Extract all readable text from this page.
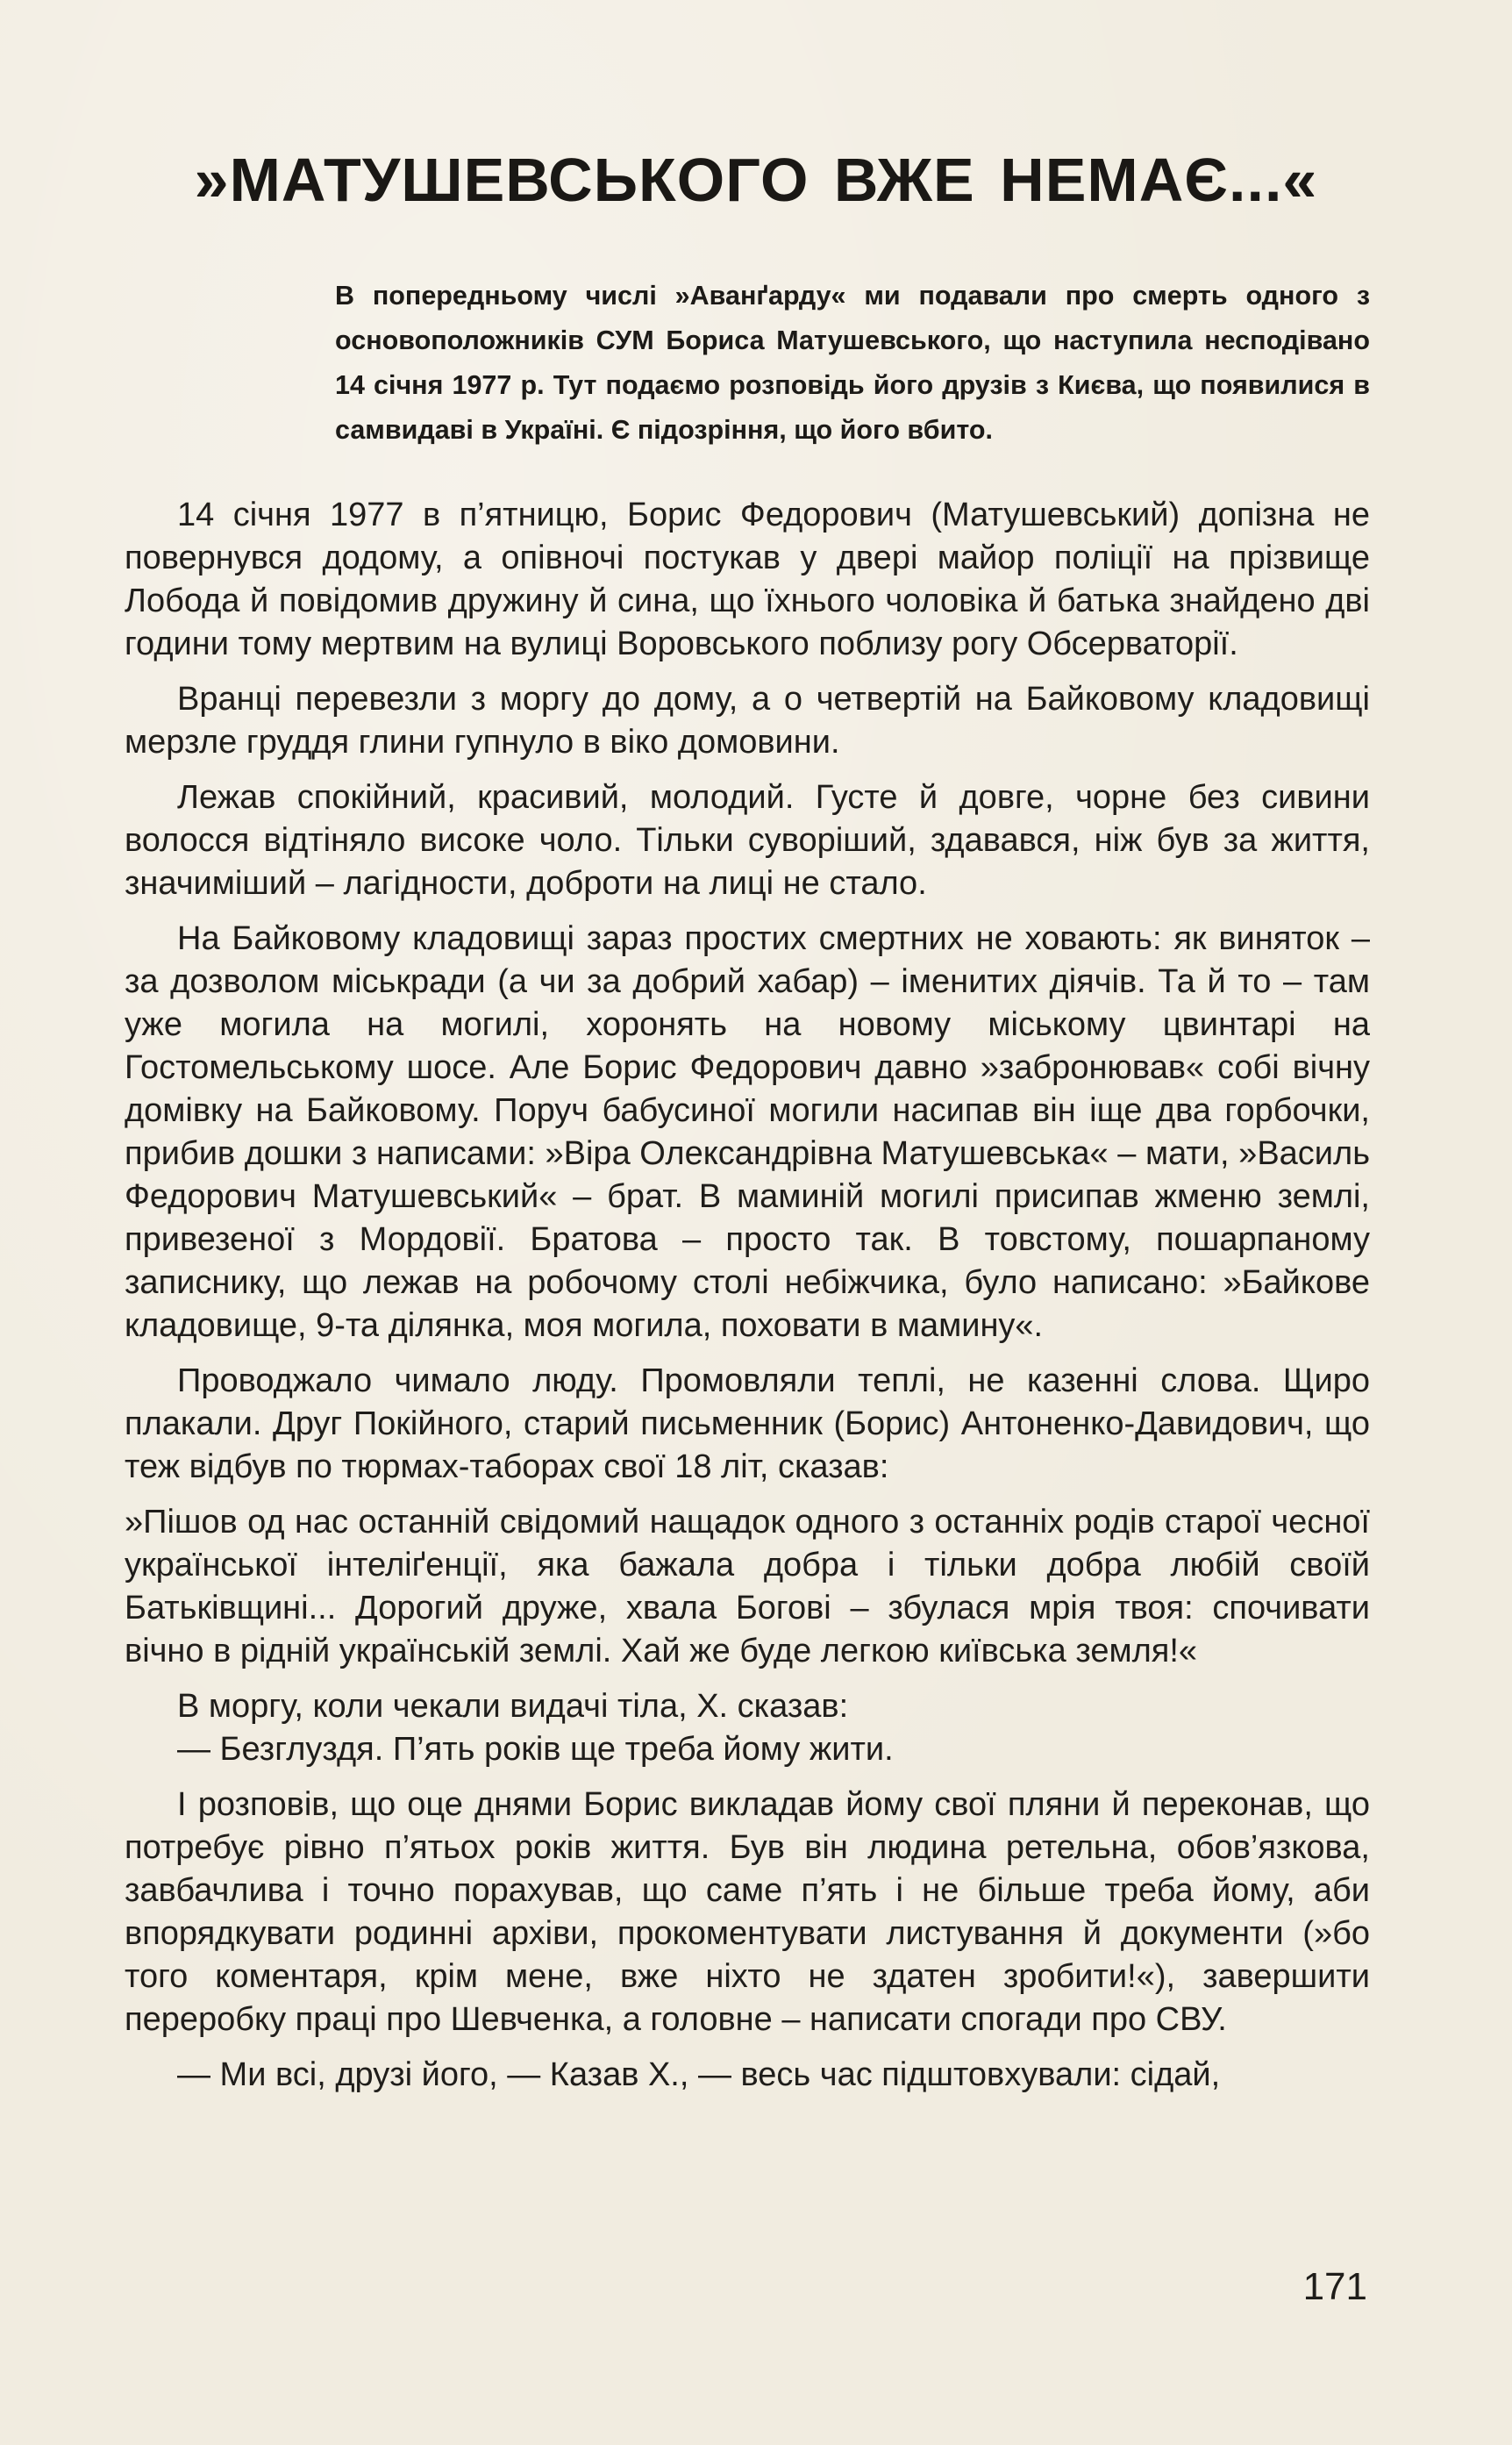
»МАТУШЕВСЬКОГО ВЖЕ НЕМАЄ...«

В попередньому числі »Аванґарду« ми подавали про смерть одного з основоположників СУМ Бориса Матушевського, що наступила несподівано 14 січня 1977 р. Тут подаємо розповідь його друзів з Києва, що появилися в самвидаві в Україні. Є підозріння, що його вбито.

14 січня 1977 в п’ятницю, Борис Федорович (Матушевський) допізна не повернувся додому, а опівночі постукав у двері майор поліції на прізвище Лобода й повідомив дружину й сина, що їхнього чоловіка й батька знайдено дві години тому мертвим на вулиці Воровського поблизу рогу Обсерваторії.

Вранці перевезли з моргу до дому, а о четвертій на Байковому кладовищі мерзле груддя глини гупнуло в віко домовини.

Лежав спокійний, красивий, молодий. Густе й довге, чорне без сивини волосся відтіняло високе чоло. Тільки суворіший, здавався, ніж був за життя, значиміший – лагідности, доброти на лиці не стало.

На Байковому кладовищі зараз простих смертних не ховають: як виняток – за дозволом міськради (а чи за добрий хабар) – іменитих діячів. Та й то – там уже могила на могилі, хоронять на новому міському цвинтарі на Гостомельському шосе. Але Борис Федорович давно »забронював« собі вічну домівку на Байковому. Поруч бабусиної могили насипав він іще два горбочки, прибив дошки з написами: »Віра Олександрівна Матушевська« – мати, »Василь Федорович Матушевський« – брат. В маминій могилі присипав жменю землі, привезеної з Мордовії. Братова – просто так. В товстому, пошарпаному записнику, що лежав на робочому столі небіжчика, було написано: »Байкове кладовище, 9-та ділянка, моя могила, поховати в мамину«.

Проводжало чимало люду. Промовляли теплі, не казенні слова. Щиро плакали. Друг Покійного, старий письменник (Борис) Антоненко-Давидович, що теж відбув по тюрмах-таборах свої 18 літ, сказав:

»Пішов од нас останній свідомий нащадок одного з останніх родів старої чесної української інтеліґенції, яка бажала добра і тільки добра любій своїй Батьківщині... Дорогий друже, хвала Богові – збулася мрія твоя: спочивати вічно в рідній українській землі. Хай же буде легкою київська земля!«

В моргу, коли чекали видачі тіла, Х. сказав:

— Безглуздя. П’ять років ще треба йому жити.

І розповів, що оце днями Борис викладав йому свої пляни й переконав, що потребує рівно п’ятьох років життя. Був він людина ретельна, обов’язкова, завбачлива і точно порахував, що саме п’ять і не більше треба йому, аби впорядкувати родинні архіви, прокоментувати листування й документи (»бо того коментаря, крім мене, вже ніхто не здатен зробити!«), завершити переробку праці про Шевченка, а головне – написати спогади про СВУ.

— Ми всі, друзі його, — Казав Х., — весь час підштовхували: сідай,

171
